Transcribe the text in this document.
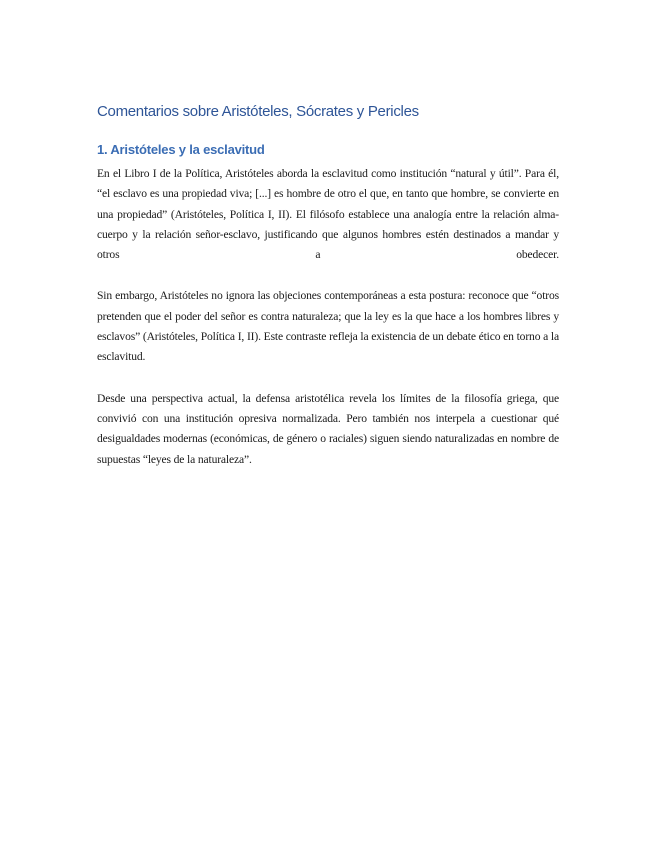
Comentarios sobre Aristóteles, Sócrates y Pericles
1. Aristóteles y la esclavitud

En el Libro I de la Política, Aristóteles aborda la esclavitud como institución “natural y útil”. Para él, “el esclavo es una propiedad viva; [...] es hombre de otro el que, en tanto que hombre, se convierte en una propiedad” (Aristóteles, Política I, II). El filósofo establece una analogía entre la relación alma-cuerpo y la relación señor-esclavo, justificando que algunos hombres estén destinados a mandar y otros a obedecer.

Sin embargo, Aristóteles no ignora las objeciones contemporáneas a esta postura: reconoce que “otros pretenden que el poder del señor es contra naturaleza; que la ley es la que hace a los hombres libres y esclavos” (Aristóteles, Política I, II). Este contraste refleja la existencia de un debate ético en torno a la esclavitud.

Desde una perspectiva actual, la defensa aristotélica revela los límites de la filosofía griega, que convivió con una institución opresiva normalizada. Pero también nos interpela a cuestionar qué desigualdades modernas (económicas, de género o raciales) siguen siendo naturalizadas en nombre de supuestas “leyes de la naturaleza”.
